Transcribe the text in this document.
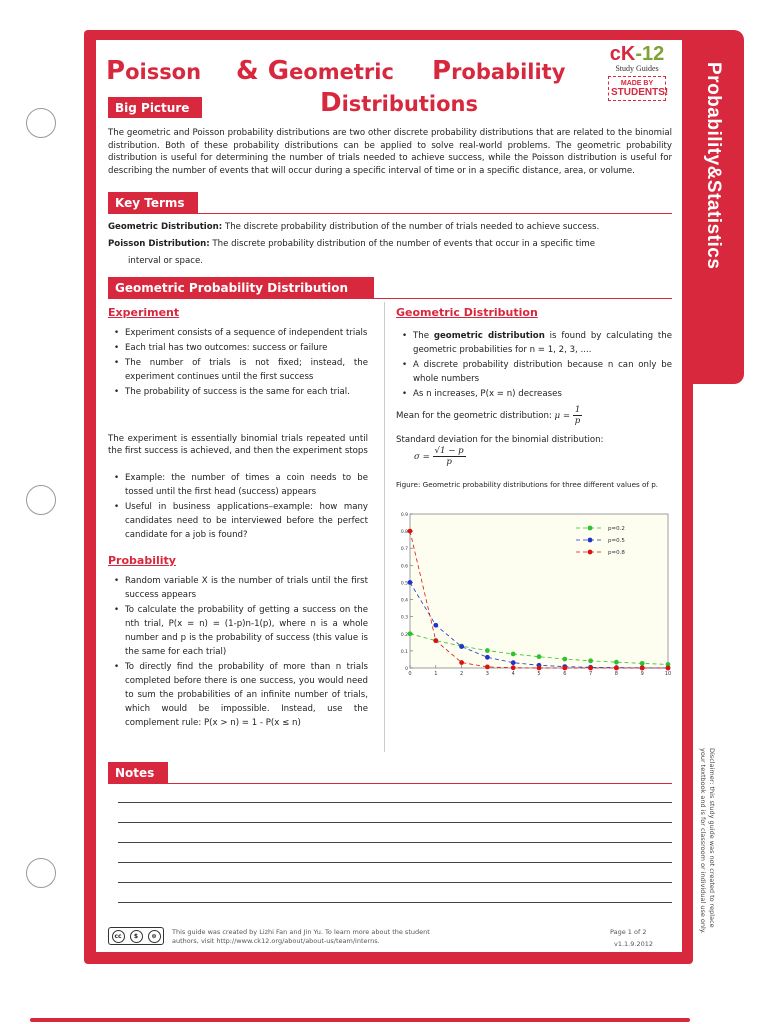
Probability&Statistics
Poisson & Geometric Probability
Distributions
cK-12
Study Guides
MADE BY
STUDENTS!
Big Picture
The geometric and Poisson probability distributions are two other discrete probability distributions that are related to the binomial distribution. Both of these probability distributions can be applied to solve real-world problems. The geometric probability distribution is useful for determining the number of trials needed to achieve success, while the Poisson distribution is useful for describing the number of events that will occur during a specific interval of time or in a specific distance, area, or volume.
Key Terms
Geometric Distribution: The discrete probability distribution of the number of trials needed to achieve success.
Poisson Distribution: The discrete probability distribution of the number of events that occur in a specific time
interval or space.
Geometric Probability Distribution
Experiment
• Experiment consists of a sequence of independent trials
• Each trial has two outcomes: success or failure
• The number of trials is not fixed; instead, the experiment continues until the first success
• The probability of success is the same for each trial.
The experiment is essentially binomial trials repeated until the first success is achieved, and then the experiment stops
• Example: the number of times a coin needs to be tossed until the first head (success) appears
• Useful in business applications–example: how many candidates need to be interviewed before the perfect candidate for a job is found?
Probability
• Random variable X is the number of trials until the first success appears
• To calculate the probability of getting a success on the nth trial, P(x = n) = (1-p)n-1(p), where n is a whole number and p is the probability of success (this value is the same for each trial)
• To directly find the probability of more than n trials completed before there is one success, you would need to sum the probabilities of an infinite number of trials, which would be impossible. Instead, use the complement rule: P(x > n) = 1 - P(x ≤ n)
Geometric Distribution
• The geometric distribution is found by calculating the geometric probabilities for n = 1, 2, 3, ....
• A discrete probability distribution because n can only be whole numbers
• As n increases, P(x = n) decreases
Mean for the geometric distribution: $\mu = \frac{1}{p}$
Standard deviation for the binomial distribution:
$\sigma = \frac{√1 - p}{p}$
Figure: Geometric probability distributions for three different values of p.
0
0.1
0.2
0.3
0.4
0.5
0.6
0.7
0.8
0.9
0	1	2	3	4	5	6	7	8	9	10
p=0.2
p=0.5
p=0.8
Notes
cc	$	⊜	This guide was created by Lizhi Fan and Jin Yu. To learn more about the student
authors, visit http://www.ck12.org/about/about-us/team/interns.
Page 1 of 2
v1.1.9.2012
Disclaimer: this study guide was not created to replace your textbook and is for classroom or individual use only.
